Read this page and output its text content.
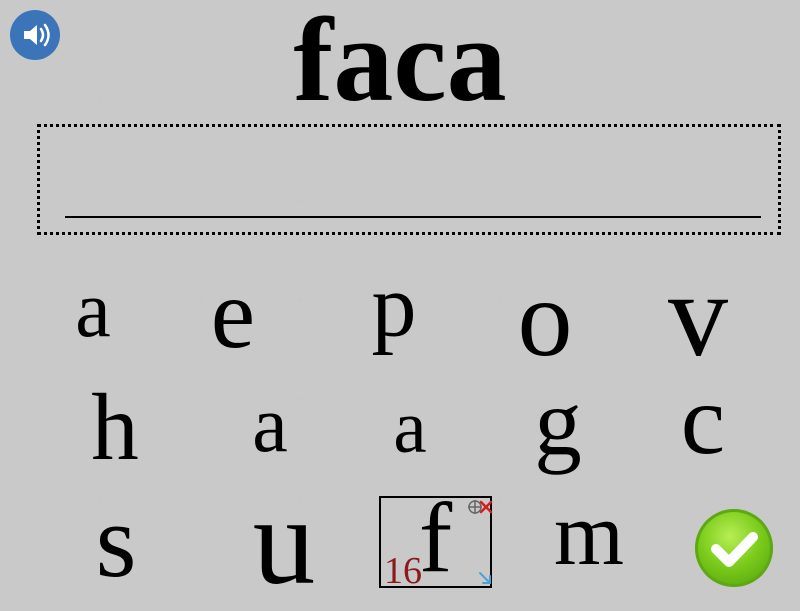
faca
a e p o v
h a a g c
s u	f
16 m
